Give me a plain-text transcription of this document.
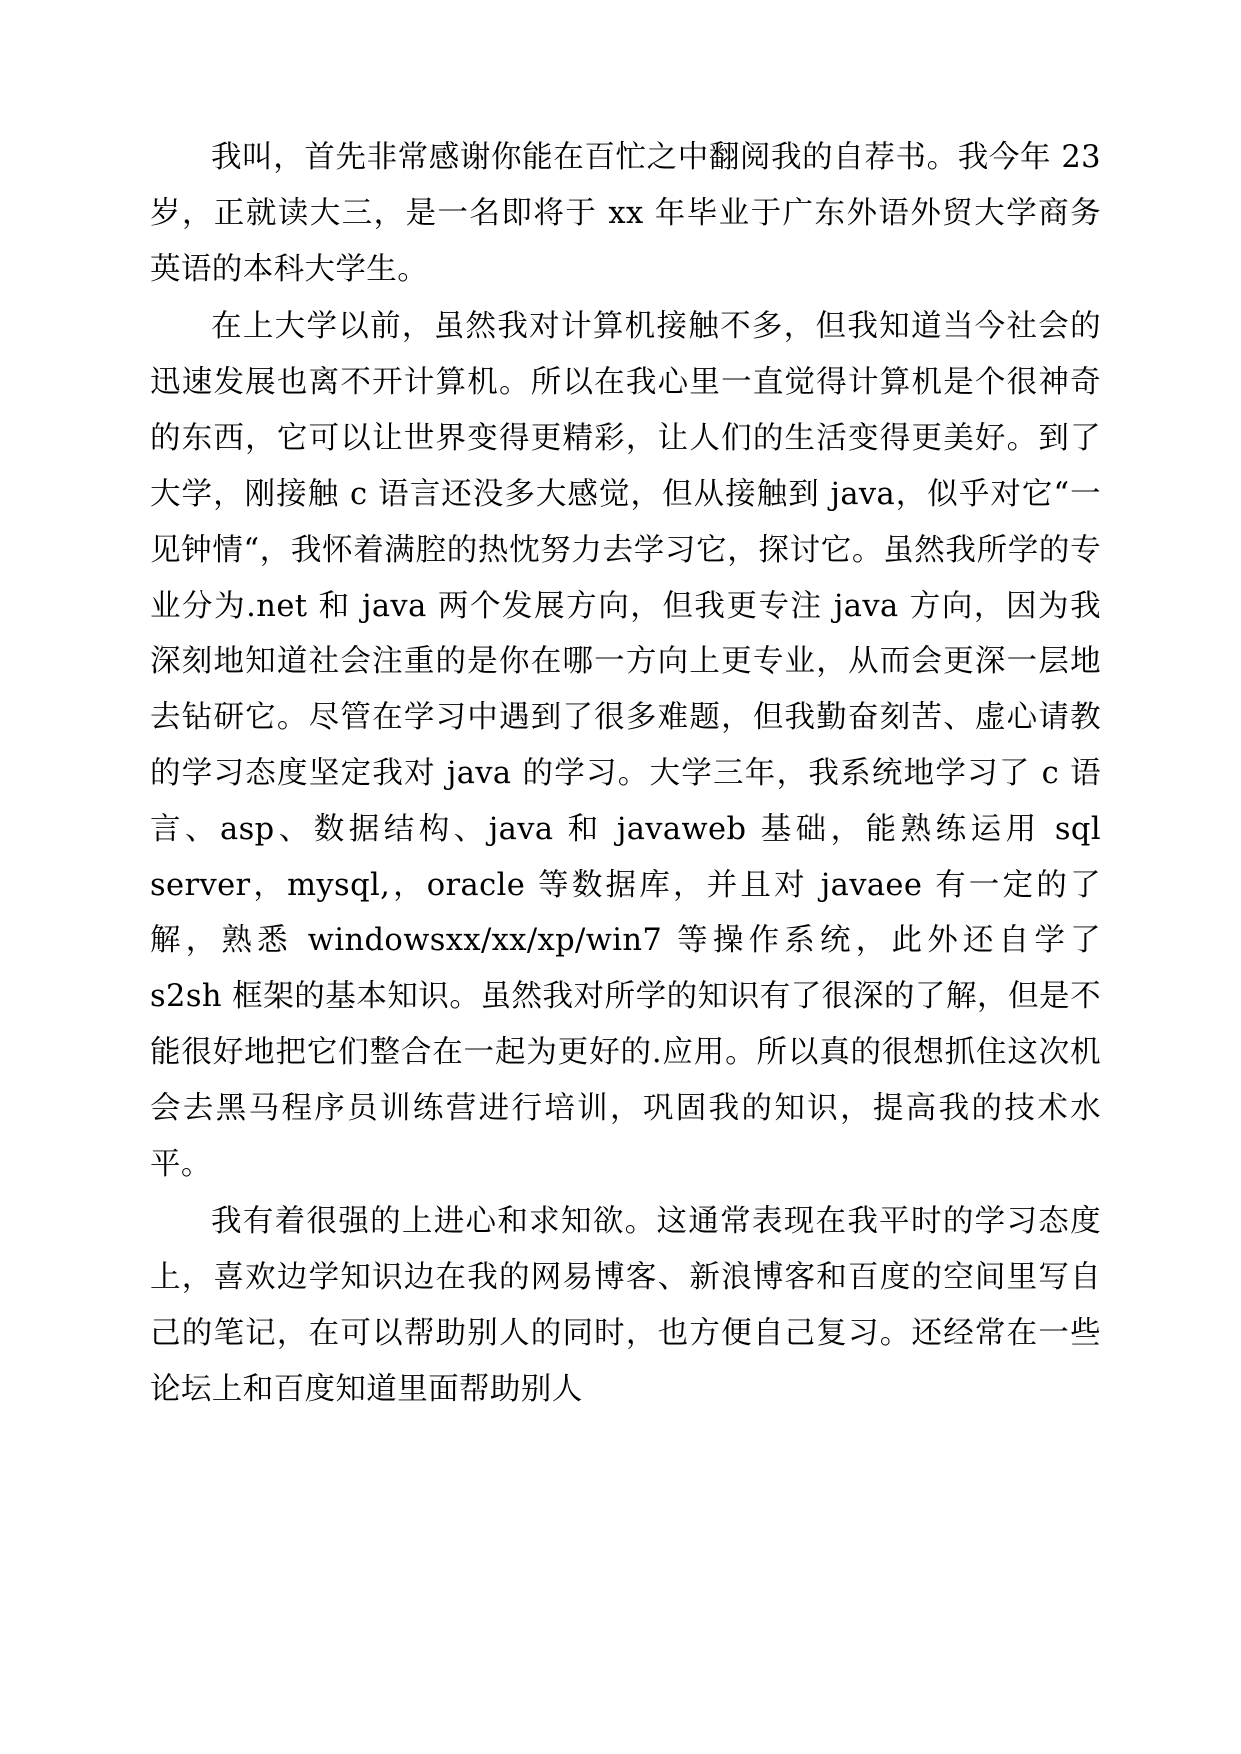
我叫，首先非常感谢你能在百忙之中翻阅我的自荐书。我今年 23 岁，正就读大三，是一名即将于 xx 年毕业于广东外语外贸大学商务英语的本科大学生。

在上大学以前，虽然我对计算机接触不多，但我知道当今社会的迅速发展也离不开计算机。所以在我心里一直觉得计算机是个很神奇的东西，它可以让世界变得更精彩，让人们的生活变得更美好。到了大学，刚接触 c 语言还没多大感觉，但从接触到 java，似乎对它“一见钟情“，我怀着满腔的热忱努力去学习它，探讨它。虽然我所学的专业分为.net 和 java 两个发展方向，但我更专注 java 方向，因为我深刻地知道社会注重的是你在哪一方向上更专业，从而会更深一层地去钻研它。尽管在学习中遇到了很多难题，但我勤奋刻苦、虚心请教的学习态度坚定我对 java 的学习。大学三年，我系统地学习了 c 语言、asp、数据结构、java 和 javaweb 基础，能熟练运用 sql server，mysql,，oracle 等数据库，并且对 javaee 有一定的了解，熟悉 windowsxx/xx/xp/win7 等操作系统，此外还自学了 s2sh 框架的基本知识。虽然我对所学的知识有了很深的了解，但是不能很好地把它们整合在一起为更好的.应用。所以真的很想抓住这次机会去黑马程序员训练营进行培训，巩固我的知识，提高我的技术水平。

我有着很强的上进心和求知欲。这通常表现在我平时的学习态度上，喜欢边学知识边在我的网易博客、新浪博客和百度的空间里写自己的笔记，在可以帮助别人的同时，也方便自己复习。还经常在一些论坛上和百度知道里面帮助别人
